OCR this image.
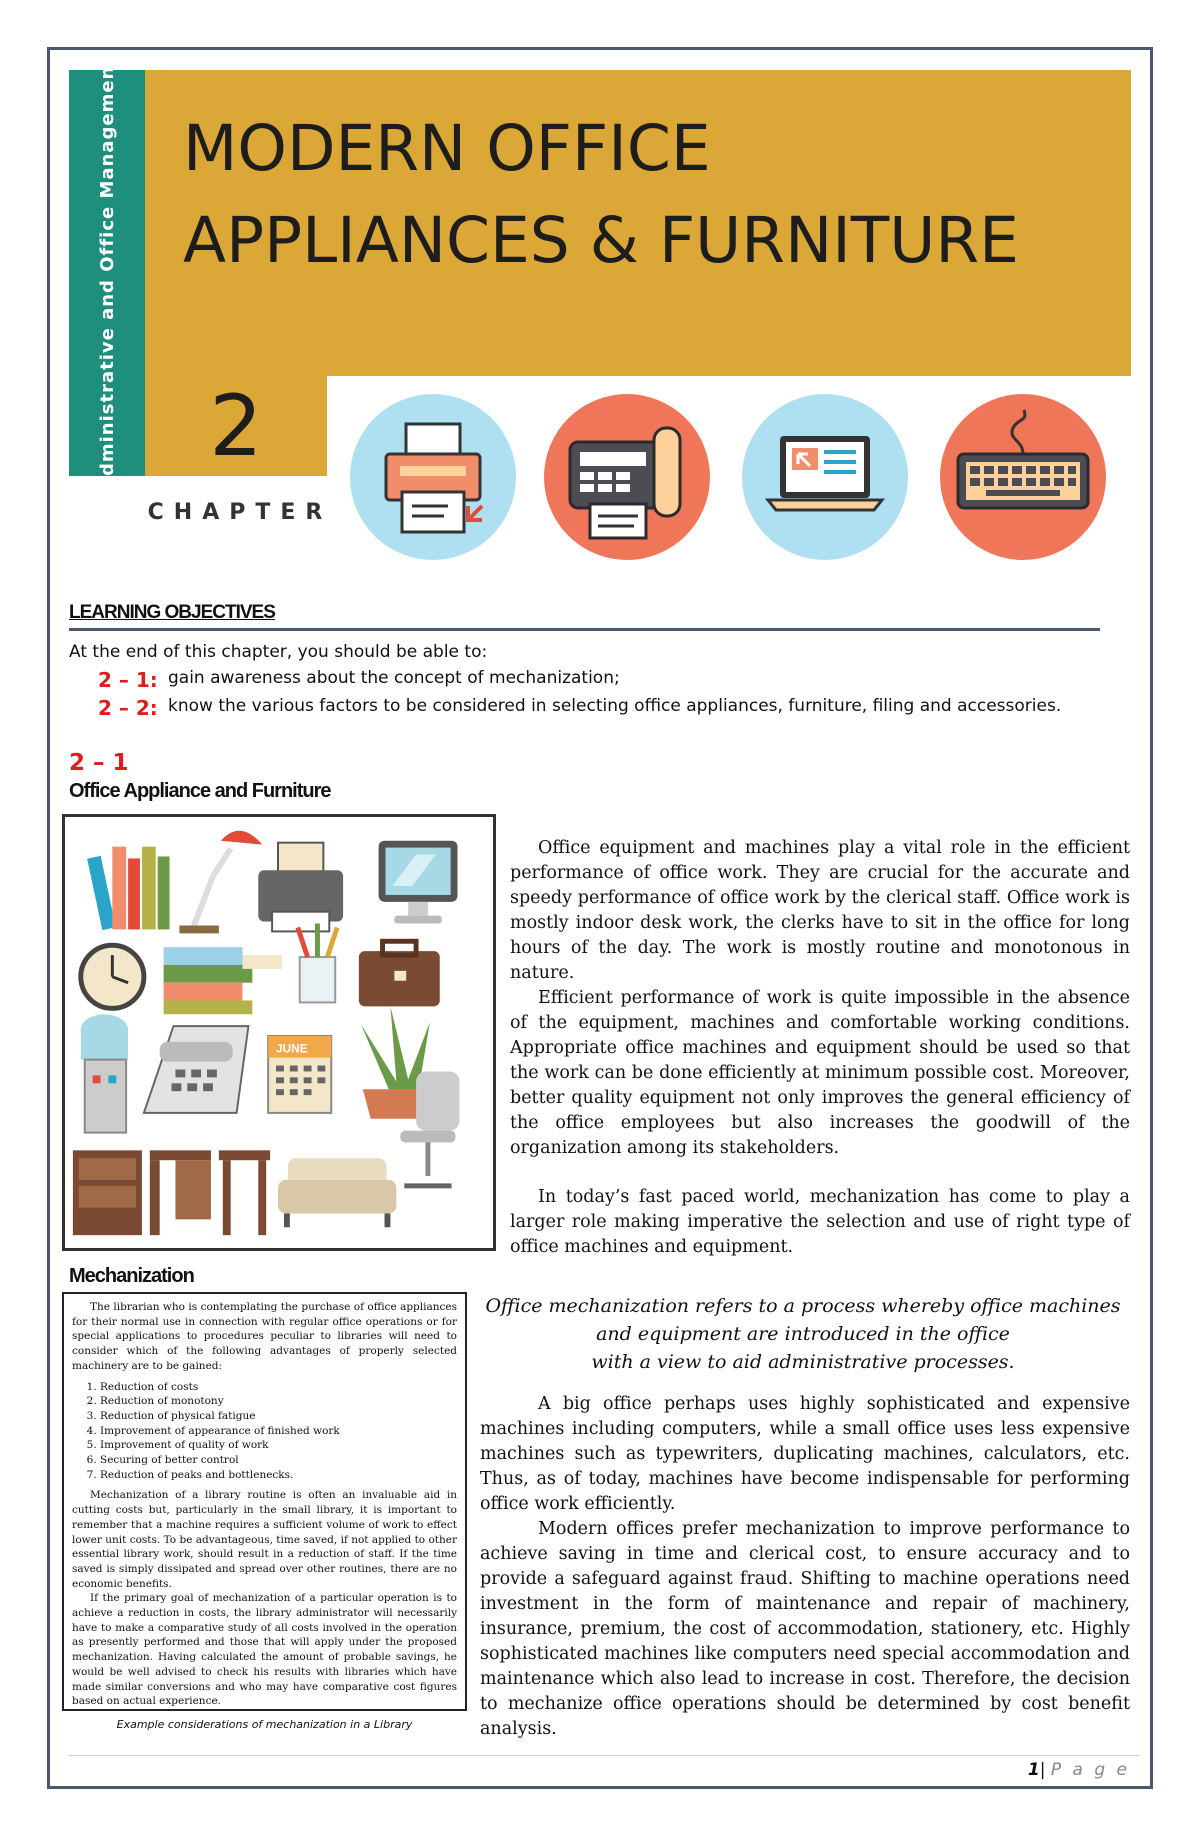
Administrative and Office Management MODERN OFFICE
APPLIANCES & FURNITURE
2
CHAPTER
LEARNING OBJECTIVES
At the end of this chapter, you should be able to:
2 – 1: gain awareness about the concept of mechanization;
2 – 2: know the various factors to be considered in selecting office appliances, furniture, filing and accessories.
2 – 1
Office Appliance and Furniture
JUNE

Office equipment and machines play a vital role in the efficient performance of office work. They are crucial for the accurate and speedy performance of office work by the clerical staff. Office work is mostly indoor desk work, the clerks have to sit in the office for long hours of the day. The work is mostly routine and monotonous in nature.

Efficient performance of work is quite impossible in the absence of the equipment, machines and comfortable working conditions. Appropriate office machines and equipment should be used so that the work can be done efficiently at minimum possible cost. Moreover, better quality equipment not only improves the general efficiency of the office employees but also increases the goodwill of the organization among its stakeholders.

In today’s fast paced world, mechanization has come to play a larger role making imperative the selection and use of right type of office machines and equipment.

Mechanization

The librarian who is contemplating the purchase of office appliances for their normal use in connection with regular office operations or for special applications to procedures peculiar to libraries will need to consider which of the following advantages of properly selected machinery are to be gained:

1. Reduction of costs
2. Reduction of monotony
3. Reduction of physical fatigue
4. Improvement of appearance of finished work
5. Improvement of quality of work
6. Securing of better control
7. Reduction of peaks and bottlenecks.

Mechanization of a library routine is often an invaluable aid in cutting costs but, particularly in the small library, it is important to remember that a machine requires a sufficient volume of work to effect lower unit costs. To be advantageous, time saved, if not applied to other essential library work, should result in a reduction of staff. If the time saved is simply dissipated and spread over other routines, there are no economic benefits.

If the primary goal of mechanization of a particular operation is to achieve a reduction in costs, the library administrator will necessarily have to make a comparative study of all costs involved in the operation as presently performed and those that will apply under the proposed mechanization. Having calculated the amount of probable savings, he would be well advised to check his results with libraries which have made similar conversions and who may have comparative cost figures based on actual experience.

Example considerations of mechanization in a Library

Office mechanization refers to a process whereby office machines
and equipment are introduced in the office
with a view to aid administrative processes.

A big office perhaps uses highly sophisticated and expensive machines including computers, while a small office uses less expensive machines such as typewriters, duplicating machines, calculators, etc. Thus, as of today, machines have become indispensable for performing office work efficiently.

Modern offices prefer mechanization to improve performance to achieve saving in time and clerical cost, to ensure accuracy and to provide a safeguard against fraud. Shifting to machine operations need investment in the form of maintenance and repair of machinery, insurance, premium, the cost of accommodation, stationery, etc. Highly sophisticated machines like computers need special accommodation and maintenance which also lead to increase in cost. Therefore, the decision to mechanize office operations should be determined by cost benefit analysis.

1| P a g e
